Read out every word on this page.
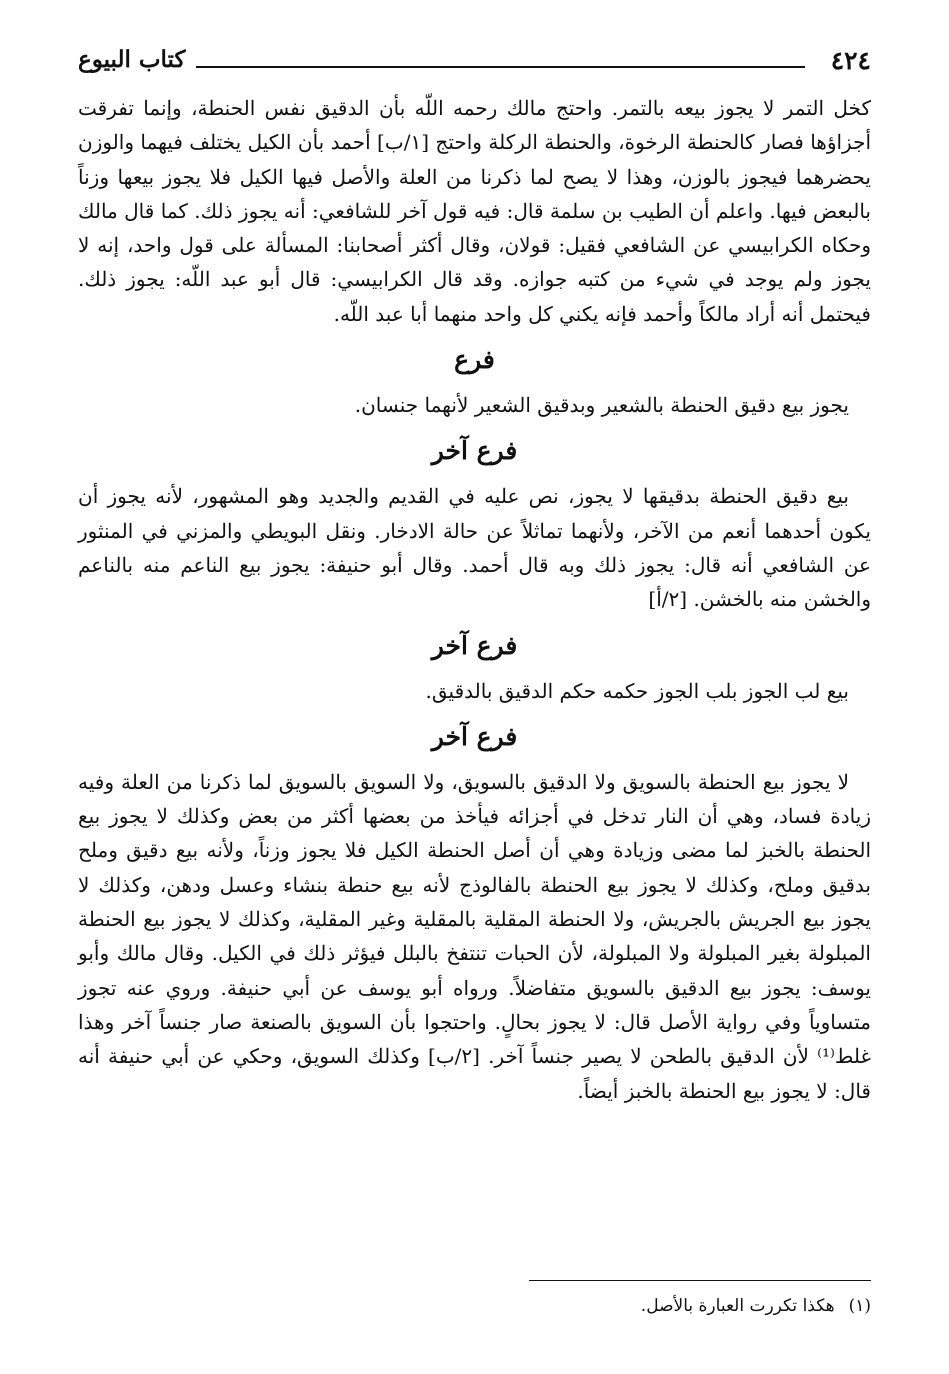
٤٢٤
كتاب البيوع

كخل التمر لا يجوز بيعه بالتمر. واحتج مالك رحمه اللّه بأن الدقيق نفس الحنطة، وإنما تفرقت أجزاؤها فصار كالحنطة الرخوة، والحنطة الركلة واحتج [١/ب] أحمد بأن الكيل يختلف فيهما والوزن يحضرهما فيجوز بالوزن، وهذا لا يصح لما ذكرنا من العلة والأصل فيها الكيل فلا يجوز بيعها وزناً بالبعض فيها. واعلم أن الطيب بن سلمة قال: فيه قول آخر للشافعي: أنه يجوز ذلك. كما قال مالك وحكاه الكرابيسي عن الشافعي فقيل: قولان، وقال أكثر أصحابنا: المسألة على قول واحد، إنه لا يجوز ولم يوجد في شيء من كتبه جوازه. وقد قال الكرابيسي: قال أبو عبد اللّه: يجوز ذلك. فيحتمل أنه أراد مالكاً وأحمد فإنه يكني كل واحد منهما أبا عبد اللّه.

فرع

يجوز بيع دقيق الحنطة بالشعير وبدقيق الشعير لأنهما جنسان.

فرع آخر

بيع دقيق الحنطة بدقيقها لا يجوز، نص عليه في القديم والجديد وهو المشهور، لأنه يجوز أن يكون أحدهما أنعم من الآخر، ولأنهما تماثلاً عن حالة الادخار. ونقل البويطي والمزني في المنثور عن الشافعي أنه قال: يجوز ذلك وبه قال أحمد. وقال أبو حنيفة: يجوز بيع الناعم منه بالناعم والخشن منه بالخشن. [٢/أ]

فرع آخر

بيع لب الجوز بلب الجوز حكمه حكم الدقيق بالدقيق.

فرع آخر

لا يجوز بيع الحنطة بالسويق ولا الدقيق بالسويق، ولا السويق بالسويق لما ذكرنا من العلة وفيه زيادة فساد، وهي أن النار تدخل في أجزائه فيأخذ من بعضها أكثر من بعض وكذلك لا يجوز بيع الحنطة بالخبز لما مضى وزيادة وهي أن أصل الحنطة الكيل فلا يجوز وزناً، ولأنه بيع دقيق وملح بدقيق وملح، وكذلك لا يجوز بيع الحنطة بالفالوذج لأنه بيع حنطة بنشاء وعسل ودهن، وكذلك لا يجوز بيع الجريش بالجريش، ولا الحنطة المقلية بالمقلية وغير المقلية، وكذلك لا يجوز بيع الحنطة المبلولة بغير المبلولة ولا المبلولة، لأن الحبات تنتفخ بالبلل فيؤثر ذلك في الكيل. وقال مالك وأبو يوسف: يجوز بيع الدقيق بالسويق متفاضلاً. ورواه أبو يوسف عن أبي حنيفة. وروي عنه تجوز متساوياً وفي رواية الأصل قال: لا يجوز بحالٍ. واحتجوا بأن السويق بالصنعة صار جنساً آخر وهذا غلط⁽¹⁾ لأن الدقيق بالطحن لا يصير جنساً آخر. [٢/ب] وكذلك السويق، وحكي عن أبي حنيفة أنه قال: لا يجوز بيع الحنطة بالخبز أيضاً.

(١)هكذا تكررت العبارة بالأصل.
